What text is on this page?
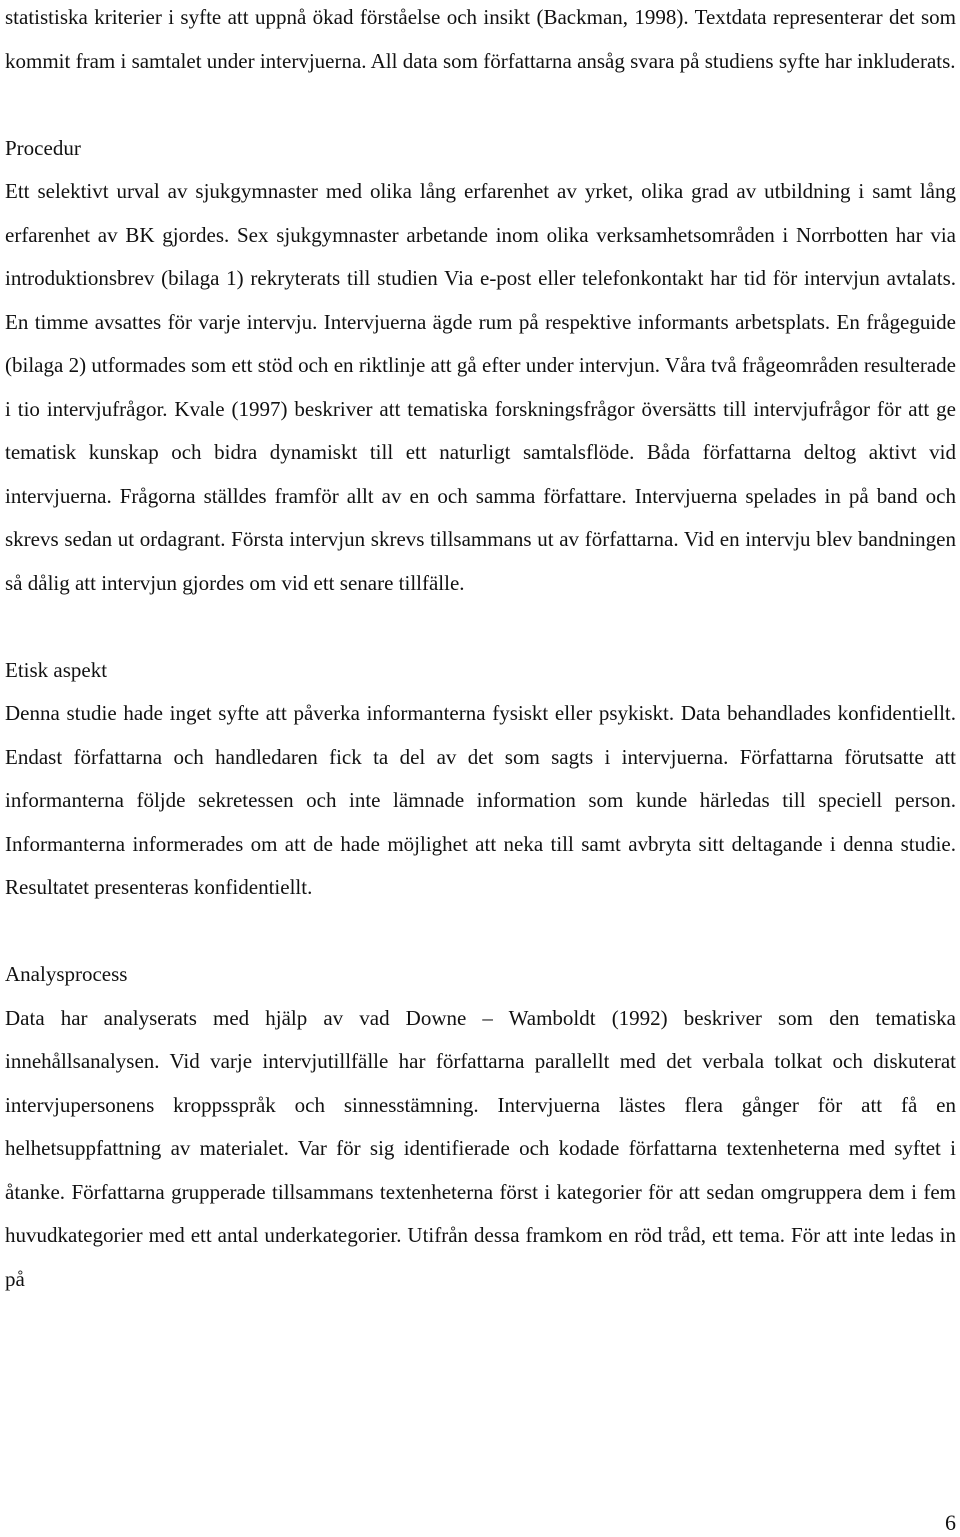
statistiska kriterier i syfte att uppnå ökad förståelse och insikt (Backman, 1998). Textdata representerar det som kommit fram i samtalet under intervjuerna. All data som författarna ansåg svara på studiens syfte har inkluderats.

Procedur

Ett selektivt urval av sjukgymnaster med olika lång erfarenhet av yrket, olika grad av utbildning i samt lång erfarenhet av BK gjordes. Sex sjukgymnaster arbetande inom olika verksamhetsområden i Norrbotten har via introduktionsbrev (bilaga 1) rekryterats till studien Via e-post eller telefonkontakt har tid för intervjun avtalats. En timme avsattes för varje intervju. Intervjuerna ägde rum på respektive informants arbetsplats. En frågeguide (bilaga 2) utformades som ett stöd och en riktlinje att gå efter under intervjun. Våra två frågeområden resulterade i tio intervjufrågor. Kvale (1997) beskriver att tematiska forskningsfrågor översätts till intervjufrågor för att ge tematisk kunskap och bidra dynamiskt till ett naturligt samtalsflöde. Båda författarna deltog aktivt vid intervjuerna. Frågorna ställdes framför allt av en och samma författare. Intervjuerna spelades in på band och skrevs sedan ut ordagrant. Första intervjun skrevs tillsammans ut av författarna. Vid en intervju blev bandningen så dålig att intervjun gjordes om vid ett senare tillfälle.

Etisk aspekt

Denna studie hade inget syfte att påverka informanterna fysiskt eller psykiskt. Data behandlades konfidentiellt. Endast författarna och handledaren fick ta del av det som sagts i intervjuerna. Författarna förutsatte att informanterna följde sekretessen och inte lämnade information som kunde härledas till speciell person. Informanterna informerades om att de hade möjlighet att neka till samt avbryta sitt deltagande i denna studie. Resultatet presenteras konfidentiellt.

Analysprocess

Data har analyserats med hjälp av vad Downe – Wamboldt (1992) beskriver som den tematiska innehållsanalysen. Vid varje intervjutillfälle har författarna parallellt med det verbala tolkat och diskuterat intervjupersonens kroppsspråk och sinnesstämning. Intervjuerna lästes flera gånger för att få en helhetsuppfattning av materialet. Var för sig identifierade och kodade författarna textenheterna med syftet i åtanke. Författarna grupperade tillsammans textenheterna först i kategorier för att sedan omgruppera dem i fem huvudkategorier med ett antal underkategorier. Utifrån dessa framkom en röd tråd, ett tema. För att inte ledas in på

6
